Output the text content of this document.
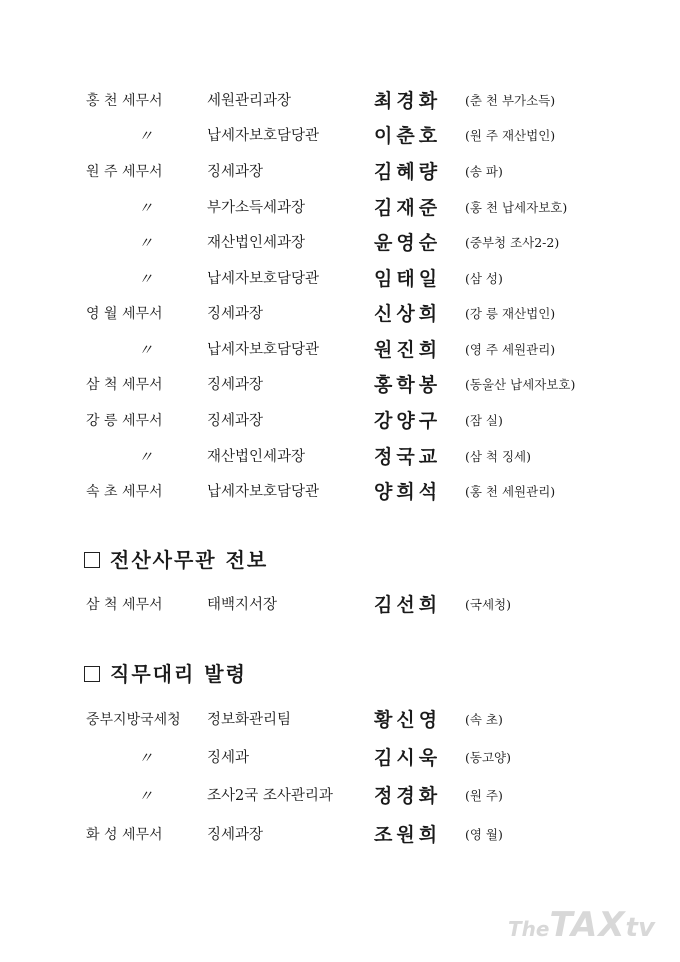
홍 천 세무서	세원관리과장	최경화 (춘 천 부가소득)
〃	납세자보호담당관	이춘호 (원 주 재산법인)
원 주 세무서	징세과장	김혜량 (송 파)
〃	부가소득세과장	김재준 (홍 천 납세자보호)
〃	재산법인세과장	윤영순 (중부청 조사2-2)
〃	납세자보호담당관	임태일 (삼 성)
영 월 세무서	징세과장	신상희 (강 릉 재산법인)
〃	납세자보호담당관	원진희 (영 주 세원관리)
삼 척 세무서	징세과장	홍학봉 (동울산 납세자보호)
강 릉 세무서	징세과장	강양구 (잠 실)
〃	재산법인세과장	정국교 (삼 척 징세)
속 초 세무서	납세자보호담당관	양희석 (홍 천 세원관리)
전산사무관 전보
삼 척 세무서	태백지서장	김선희 (국세청)
직무대리 발령
중부지방국세청 정보화관리팀	황신영 (속 초)
〃	징세과	김시욱 (동고양)
〃	조사2국 조사관리과 정경화 (원 주)
화 성 세무서	징세과장	조원희 (영 월)
TheTAXtv
